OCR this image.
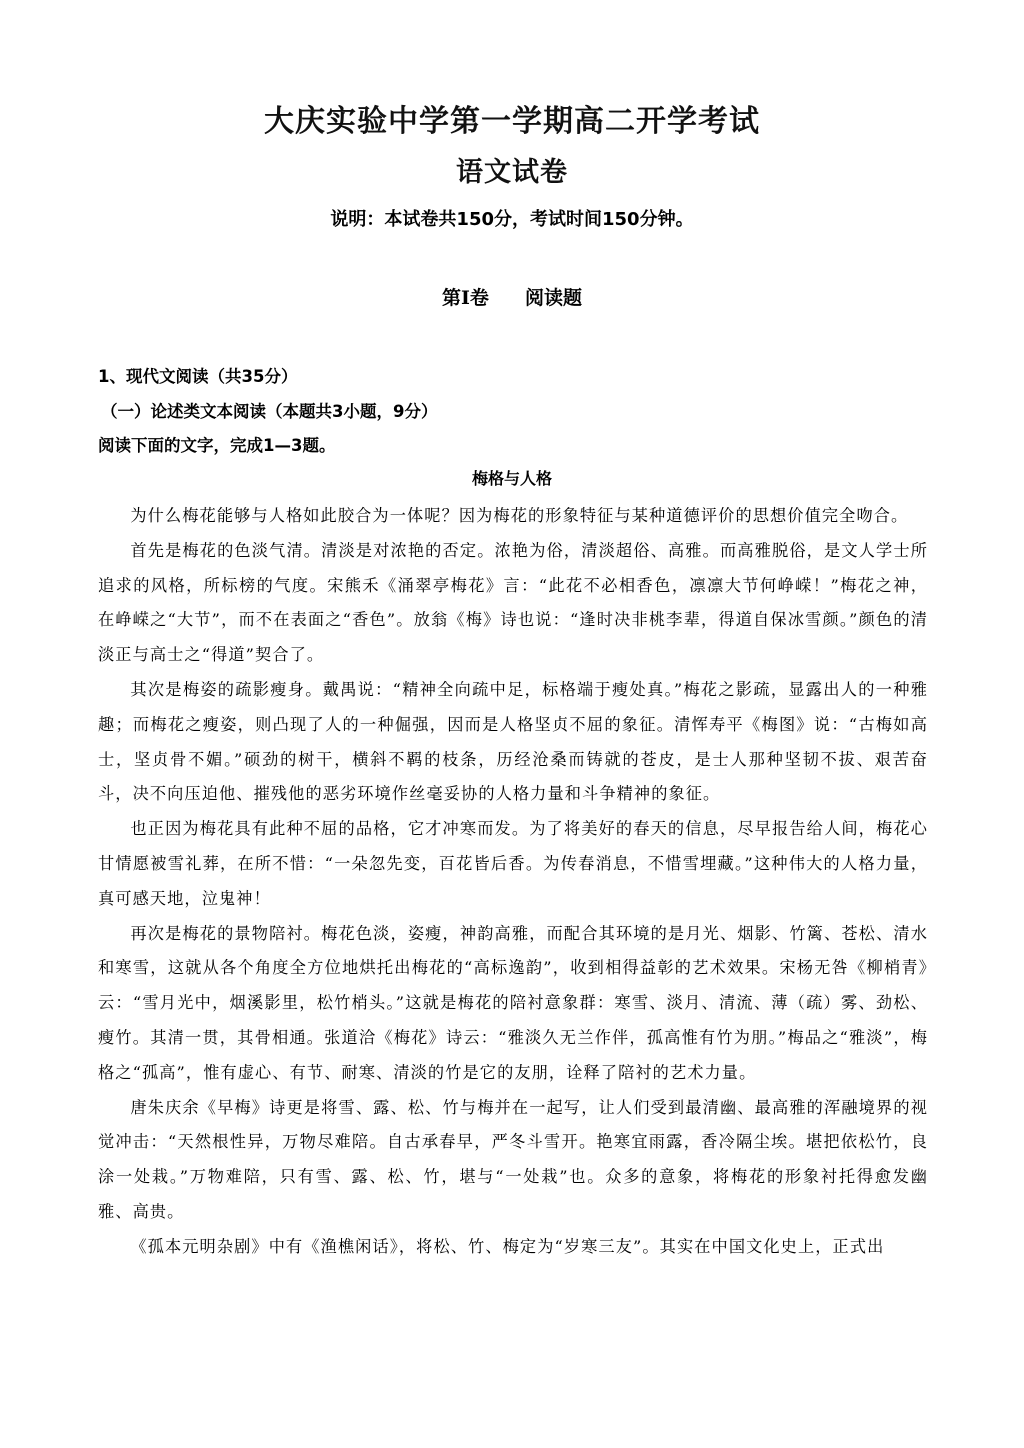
大庆实验中学第一学期高二开学考试
语文试卷
说明：本试卷共150分，考试时间150分钟。
第Ⅰ卷 阅读题
1、现代文阅读（共35分）
（一）论述类文本阅读（本题共3小题，9分）
阅读下面的文字，完成1—3题。
梅格与人格

为什么梅花能够与人格如此胶合为一体呢？因为梅花的形象特征与某种道德评价的思想价值完全吻合。

首先是梅花的色淡气清。清淡是对浓艳的否定。浓艳为俗，清淡超俗、高雅。而高雅脱俗，是文人学士所追求的风格，所标榜的气度。宋熊禾《涌翠亭梅花》言：“此花不必相香色，凛凛大节何峥嵘！”梅花之神，在峥嵘之“大节”，而不在表面之“香色”。放翁《梅》诗也说：“逢时决非桃李辈，得道自保冰雪颜。”颜色的清淡正与高士之“得道”契合了。

其次是梅姿的疏影瘦身。戴禺说：“精神全向疏中足，标格端于瘦处真。”梅花之影疏，显露出人的一种雅趣；而梅花之瘦姿，则凸现了人的一种倔强，因而是人格坚贞不屈的象征。清恽寿平《梅图》说：“古梅如高士，坚贞骨不媚。”硕劲的树干，横斜不羁的枝条，历经沧桑而铸就的苍皮，是士人那种坚韧不拔、艰苦奋斗，决不向压迫他、摧残他的恶劣环境作丝毫妥协的人格力量和斗争精神的象征。

也正因为梅花具有此种不屈的品格，它才冲寒而发。为了将美好的春天的信息，尽早报告给人间，梅花心甘情愿被雪礼葬，在所不惜：“一朵忽先变，百花皆后香。为传春消息，不惜雪埋藏。”这种伟大的人格力量，真可感天地，泣鬼神！

再次是梅花的景物陪衬。梅花色淡，姿瘦，神韵高雅，而配合其环境的是月光、烟影、竹篱、苍松、清水和寒雪，这就从各个角度全方位地烘托出梅花的“高标逸韵”，收到相得益彰的艺术效果。宋杨无咎《柳梢青》云：“雪月光中，烟溪影里，松竹梢头。”这就是梅花的陪衬意象群：寒雪、淡月、清流、薄（疏）雾、劲松、瘦竹。其清一贯，其骨相通。张道洽《梅花》诗云：“雅淡久无兰作伴，孤高惟有竹为朋。”梅品之“雅淡”，梅格之“孤高”，惟有虚心、有节、耐寒、清淡的竹是它的友朋，诠释了陪衬的艺术力量。

唐朱庆余《早梅》诗更是将雪、露、松、竹与梅并在一起写，让人们受到最清幽、最高雅的浑融境界的视觉冲击：“天然根性异，万物尽难陪。自古承春早，严冬斗雪开。艳寒宜雨露，香冷隔尘埃。堪把依松竹，良涂一处栽。”万物难陪，只有雪、露、松、竹，堪与“一处栽”也。众多的意象，将梅花的形象衬托得愈发幽雅、高贵。

《孤本元明杂剧》中有《渔樵闲话》，将松、竹、梅定为“岁寒三友”。其实在中国文化史上，正式出
